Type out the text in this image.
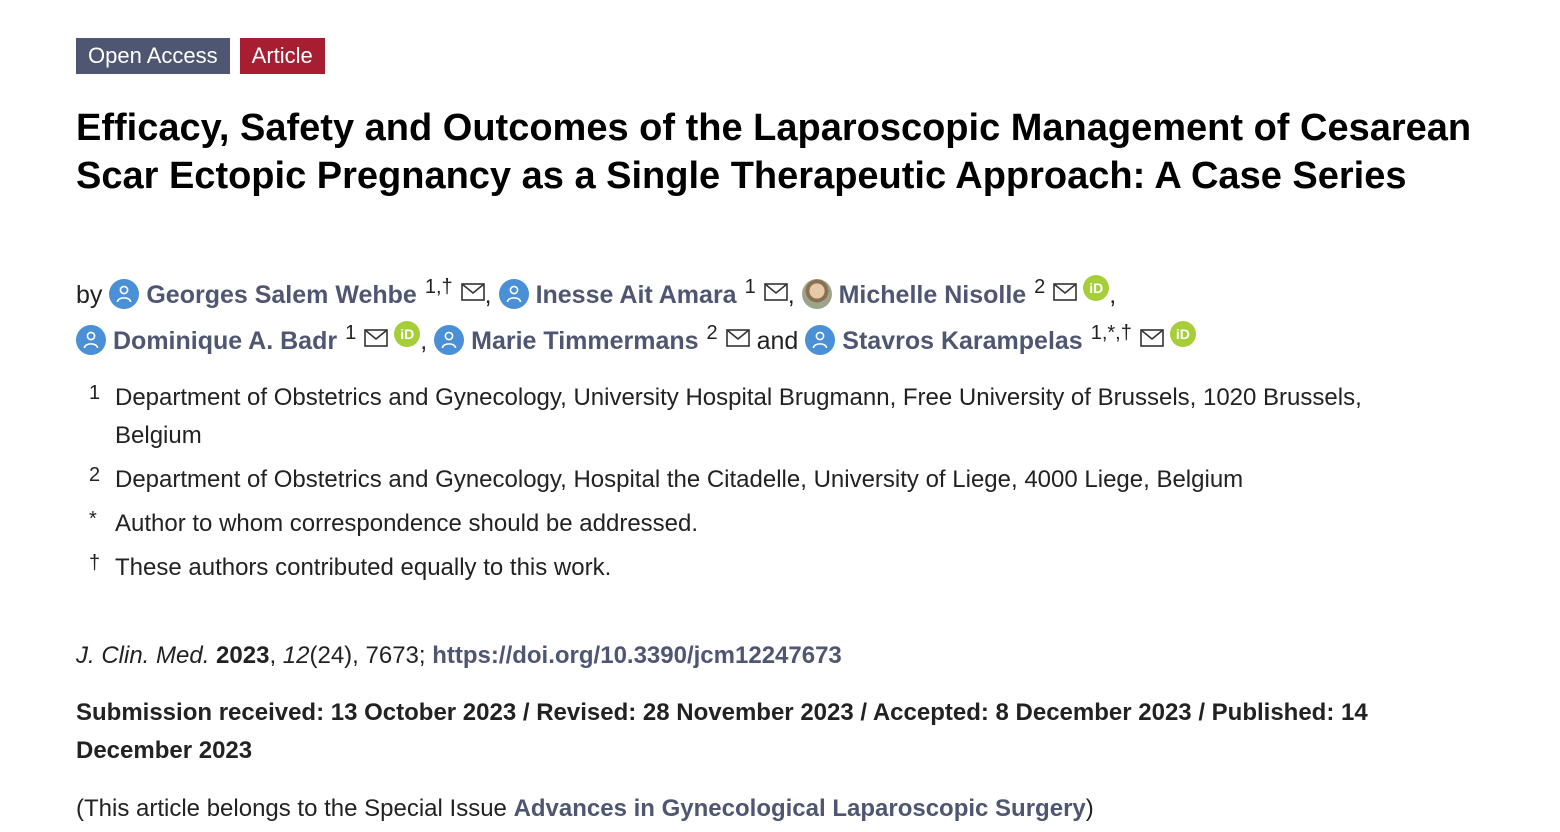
Open Access	Article
Efficacy, Safety and Outcomes of the Laparoscopic Management of Cesarean Scar Ectopic Pregnancy as a Single Therapeutic Approach: A Case Series
by Georges Salem Wehbe $^{1,\dagger}$ ,
Inesse Ait Amara $^1$ , Michelle Nisolle $^2$	iD ,

Dominique A. Badr $^1$	iD ,
Marie Timmermans $^2$ and Stavros Karampelas $^{1,*,\dagger}$	iD
1 Department of Obstetrics and Gynecology, University Hospital Brugmann, Free University of Brussels, 1020 Brussels, Belgium
2 Department of Obstetrics and Gynecology, Hospital the Citadelle, University of Liege, 4000 Liege, Belgium
* Author to whom correspondence should be addressed.
† These authors contributed equally to this work.
J. Clin. Med. 2023, 12(24), 7673; https://doi.org/10.3390/jcm12247673
Submission received: 13 October 2023 / Revised: 28 November 2023 / Accepted: 8 December 2023 / Published: 14 December 2023
(This article belongs to the Special Issue Advances in Gynecological Laparoscopic Surgery)
